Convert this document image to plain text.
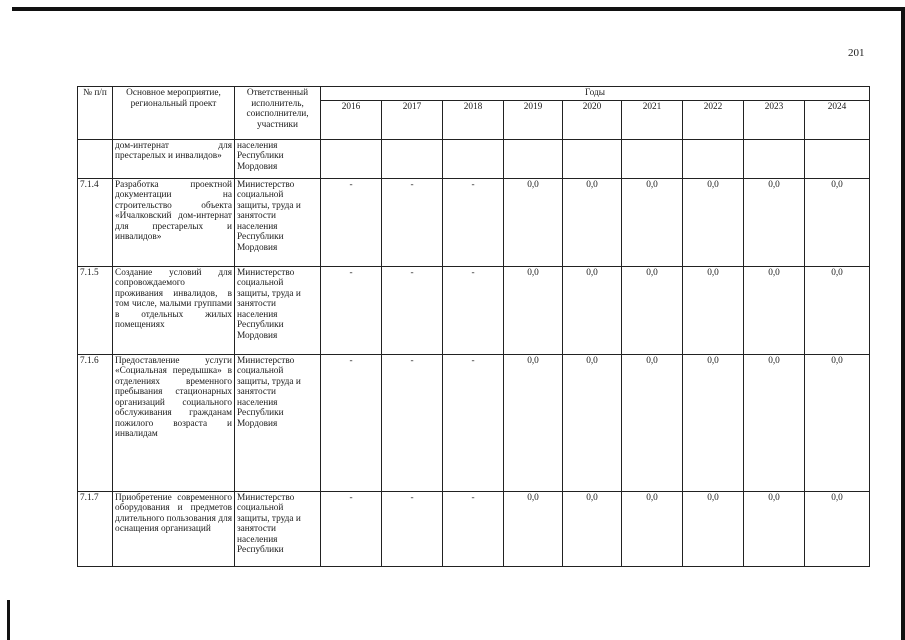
201
№ п/п	Основное мероприятие, региональный проект	Ответственный исполнитель, соисполнители, участники	Годы								
			2016	2017	2018	2019	2020	2021	2022	2023	2024
	дом-интернат для престарелых и инвалидов»	населения Республики Мордовия									
7.1.4	Разработка проектной документации на строительство объекта «Ичалковский дом-интернат для престарелых и инвалидов»	Министерство социальной защиты, труда и занятости населения Республики Мордовия	-	-	-	0,0	0,0	0,0	0,0	0,0	0,0
7.1.5	Создание условий для сопровождаемого проживания инвалидов, в том числе, малыми группами в отдельных жилых помещениях	Министерство социальной защиты, труда и занятости населения Республики Мордовия	-	-	-	0,0	0,0	0,0	0,0	0,0	0,0
7.1.6	Предоставление услуги «Социальная передышка» в отделениях временного пребывания стационарных организаций социального обслуживания гражданам пожилого возраста и инвалидам	Министерство социальной защиты, труда и занятости населения Республики Мордовия	-	-	-	0,0	0,0	0,0	0,0	0,0	0,0
7.1.7	Приобретение современного оборудования и предметов длительного пользования для оснащения организаций	Министерство социальной защиты, труда и занятости населения Республики	-	-	-	0,0	0,0	0,0	0,0	0,0	0,0
